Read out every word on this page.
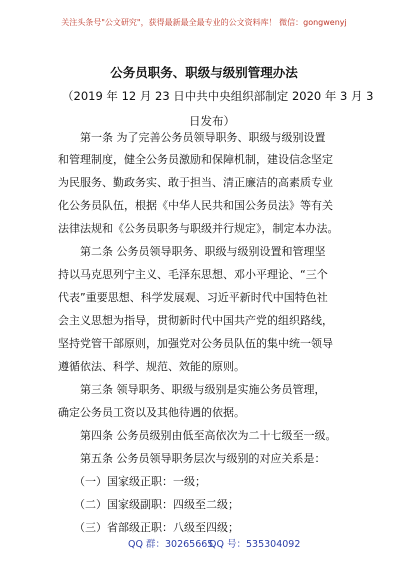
关注头条号"公文研究"，获得最新最全最专业的公文资料库！ 微信：gongwenyj
公务员职务、职级与级别管理办法
（2019 年 12 月 23 日中共中央组织部制定 2020 年 3 月 3
日发布）
第一条 为了完善公务员领导职务、职级与级别设置
和管理制度，健全公务员激励和保障机制，建设信念坚定
为民服务、勤政务实、敢于担当、清正廉洁的高素质专业
化公务员队伍，根据《中华人民共和国公务员法》等有关
法律法规和《公务员职务与职级并行规定》，制定本办法。
第二条 公务员领导职务、职级与级别设置和管理坚
持以马克思列宁主义、毛泽东思想、邓小平理论、“三个
代表”重要思想、科学发展观、习近平新时代中国特色社
会主义思想为指导，贯彻新时代中国共产党的组织路线，
坚持党管干部原则，加强党对公务员队伍的集中统一领导
遵循依法、科学、规范、效能的原则。
第三条 领导职务、职级与级别是实施公务员管理，
确定公务员工资以及其他待遇的依据。
第四条 公务员级别由低至高依次为二十七级至一级。
第五条 公务员领导职务层次与级别的对应关系是：
（一）国家级正职：一级；
（二）国家级副职：四级至二级；
（三）省部级正职：八级至四级；
QQ 群：30265665
QQ 号：535304092
